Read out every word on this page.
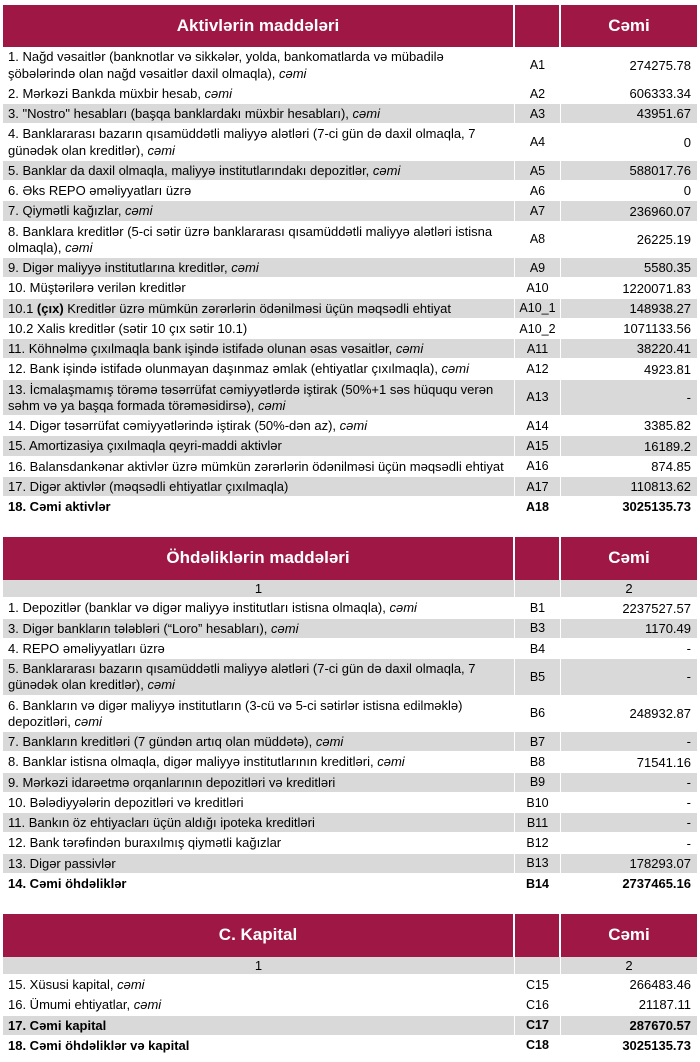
Aktivlərin maddələri	Cəmi
1. Nağd vəsaitlər (banknotlar və sikkələr, yolda, bankomatlarda və mübadilə şöbələrində olan nağd vəsaitlər daxil olmaqla), cəmi
A1	274275.78
2. Mərkəzi Bankda müxbir hesab, cəmi	A2	606333.34
3. "Nostro" hesabları (başqa banklardakı müxbir hesabları), cəmi	A3	43951.67
4. Banklararası bazarın qısamüddətli maliyyə alətləri (7-ci gün də daxil olmaqla, 7 günədək olan kreditlər), cəmi
A4	0
5. Banklar da daxil olmaqla, maliyyə institutlarındakı depozitlər, cəmi	A5	588017.76
6. Əks REPO əməliyyatları üzrə	A6	0
7. Qiymətli kağızlar, cəmi	A7	236960.07
8. Banklara kreditlər (5-ci sətir üzrə banklararası qısamüddətli maliyyə alətləri istisna olmaqla), cəmi
A8	26225.19
9. Digər maliyyə institutlarına kreditlər, cəmi	A9	5580.35
10. Müştərilərə verilən kreditlər	A10	1220071.83
10.1 (çıx) Kreditlər üzrə mümkün zərərlərin ödənilməsi üçün məqsədli ehtiyat	A10_1	148938.27
10.2 Xalis kreditlər (sətir 10 çıx sətir 10.1)	A10_2	1071133.56
11. Köhnəlmə çıxılmaqla bank işində istifadə olunan əsas vəsaitlər, cəmi	A11	38220.41
12. Bank işində istifadə olunmayan daşınmaz əmlak (ehtiyatlar çıxılmaqla), cəmi	A12	4923.81
13. İcmalaşmamış törəmə təsərrüfat cəmiyyətlərdə iştirak (50%+1 səs hüququ verən səhm və ya başqa formada törəməsidirsə), cəmi
A13	-
14. Digər təsərrüfat cəmiyyətlərində iştirak (50%-dən az), cəmi	A14	3385.82
15. Amortizasiya çıxılmaqla qeyri-maddi aktivlər	A15	16189.2
16. Balansdankənar aktivlər üzrə mümkün zərərlərin ödənilməsi üçün məqsədli ehtiyat	A16	874.85
17. Digər aktivlər (məqsədli ehtiyatlar çıxılmaqla)	A17	110813.62
18. Cəmi aktivlər	A18	3025135.73
Öhdəliklərin maddələri	Cəmi
1	2
1. Depozitlər (banklar və digər maliyyə institutları istisna olmaqla), cəmi	B1	2237527.57
3. Digər bankların tələbləri (“Loro” hesabları), cəmi	B3	1170.49
4. REPO əməliyyatları üzrə	B4	-
5. Banklararası bazarın qısamüddətli maliyyə alətləri (7-ci gün də daxil olmaqla, 7 günədək olan kreditlər), cəmi
B5	-
6. Bankların və digər maliyyə institutların (3-cü və 5-ci sətirlər istisna edilməklə) depozitləri, cəmi
B6	248932.87
7. Bankların kreditləri (7 gündən artıq olan müddətə), cəmi	B7	-
8. Banklar istisna olmaqla, digər maliyyə institutlarının kreditləri, cəmi	B8	71541.16
9. Mərkəzi idarəetmə orqanlarının depozitləri və kreditləri	B9	-
10. Bələdiyyələrin depozitləri və kreditləri	B10	-
11. Bankın öz ehtiyacları üçün aldığı ipoteka kreditləri	B11	-
12. Bank tərəfindən buraxılmış qiymətli kağızlar	B12	-
13. Digər passivlər	B13	178293.07
14. Cəmi öhdəliklər	B14	2737465.16
C. Kapital	Cəmi
1	2
15. Xüsusi kapital, cəmi	C15	266483.46
16. Ümumi ehtiyatlar, cəmi	C16	21187.11
17. Cəmi kapital	C17	287670.57
18. Cəmi öhdəliklər və kapital	C18	3025135.73
